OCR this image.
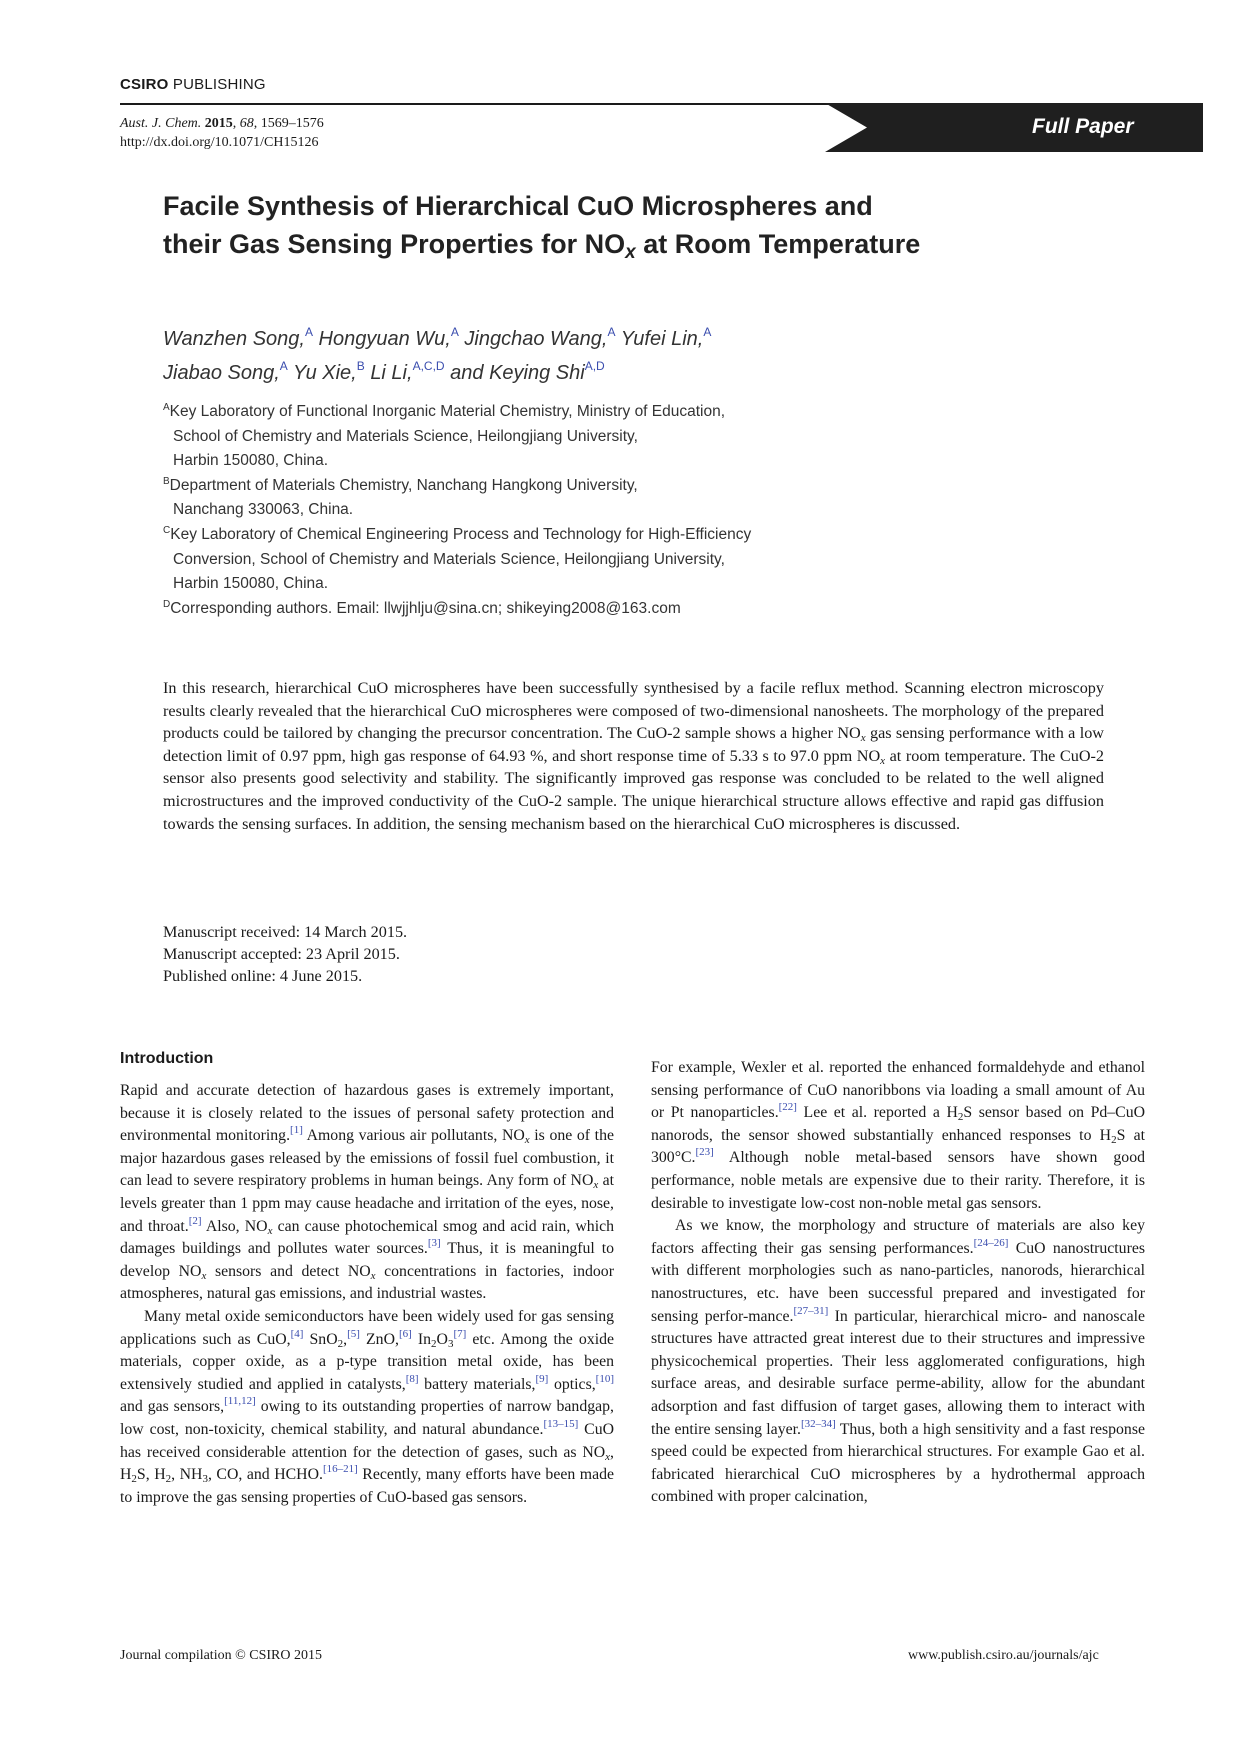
CSIRO PUBLISHING
Full Paper
Aust. J. Chem. 2015, 68, 1569–1576
http://dx.doi.org/10.1071/CH15126
Facile Synthesis of Hierarchical CuO Microspheres and
their Gas Sensing Properties for $NO_x$ at Room Temperature
Wanzhen Song,$^A$ Hongyuan Wu,$^A$ Jingchao Wang,$^A$ Yufei Lin,$^A$
Jiabao Song,$^A$ Yu Xie,$^B$ Li Li,$^{A,C,D}$ and Keying Shi$^{A,D}$
$^A$Key Laboratory of Functional Inorganic Material Chemistry, Ministry of Education,
School of Chemistry and Materials Science, Heilongjiang University,
Harbin 150080, China.
$^B$Department of Materials Chemistry, Nanchang Hangkong University,
Nanchang 330063, China.
$^C$Key Laboratory of Chemical Engineering Process and Technology for High-Efficiency
Conversion, School of Chemistry and Materials Science, Heilongjiang University,
Harbin 150080, China.
$^D$Corresponding authors. Email: llwjjhlju@sina.cn; shikeying2008@163.com
In this research, hierarchical CuO microspheres have been successfully synthesised by a facile reflux method. Scanning electron microscopy results clearly revealed that the hierarchical CuO microspheres were composed of two-dimensional nanosheets. The morphology of the prepared products could be tailored by changing the precursor concentration. The CuO-2 sample shows a higher NOx gas sensing performance with a low detection limit of 0.97 ppm, high gas response of 64.93 %, and short response time of 5.33 s to 97.0 ppm NOx at room temperature. The CuO-2 sensor also presents good selectivity and stability. The significantly improved gas response was concluded to be related to the well aligned microstructures and the improved conductivity of the CuO-2 sample. The unique hierarchical structure allows effective and rapid gas diffusion towards the sensing surfaces. In addition, the sensing mechanism based on the hierarchical CuO microspheres is discussed.
Manuscript received: 14 March 2015.
Manuscript accepted: 23 April 2015.
Published online: 4 June 2015.
Introduction

Rapid and accurate detection of hazardous gases is extremely important, because it is closely related to the issues of personal safety protection and environmental monitoring.[1] Among various air pollutants, NOx is one of the major hazardous gases released by the emissions of fossil fuel combustion, it can lead to severe respiratory problems in human beings. Any form of NOx at levels greater than 1 ppm may cause headache and irritation of the eyes, nose, and throat.[2] Also, NOx can cause photochemical smog and acid rain, which damages buildings and pollutes water sources.[3] Thus, it is meaningful to develop NOx sensors and detect NOx concentrations in factories, indoor atmospheres, natural gas emissions, and industrial wastes.

Many metal oxide semiconductors have been widely used for gas sensing applications such as CuO,[4] SnO2,[5] ZnO,[6] In2O3[7] etc. Among the oxide materials, copper oxide, as a p-type transition metal oxide, has been extensively studied and applied in catalysts,[8] battery materials,[9] optics,[10] and gas sensors,[11,12] owing to its outstanding properties of narrow bandgap, low cost, non-toxicity, chemical stability, and natural abundance.[13–15] CuO has received considerable attention for the detection of gases, such as NOx, H2S, H2, NH3, CO, and HCHO.[16–21] Recently, many efforts have been made to improve the gas sensing properties of CuO-based gas sensors.

For example, Wexler et al. reported the enhanced formaldehyde and ethanol sensing performance of CuO nanoribbons via loading a small amount of Au or Pt nanoparticles.[22] Lee et al. reported a H2S sensor based on Pd–CuO nanorods, the sensor showed substantially enhanced responses to H2S at 300°C.[23] Although noble metal-based sensors have shown good performance, noble metals are expensive due to their rarity. Therefore, it is desirable to investigate low-cost non-noble metal gas sensors.

As we know, the morphology and structure of materials are also key factors affecting their gas sensing performances.[24–26] CuO nanostructures with different morphologies such as nano-particles, nanorods, hierarchical nanostructures, etc. have been successful prepared and investigated for sensing perfor-mance.[27–31] In particular, hierarchical micro- and nanoscale structures have attracted great interest due to their structures and impressive physicochemical properties. Their less agglomerated configurations, high surface areas, and desirable surface perme-ability, allow for the abundant adsorption and fast diffusion of target gases, allowing them to interact with the entire sensing layer.[32–34] Thus, both a high sensitivity and a fast response speed could be expected from hierarchical structures. For example Gao et al. fabricated hierarchical CuO microspheres by a hydrothermal approach combined with proper calcination,

Journal compilation © CSIRO 2015	www.publish.csiro.au/journals/ajc
